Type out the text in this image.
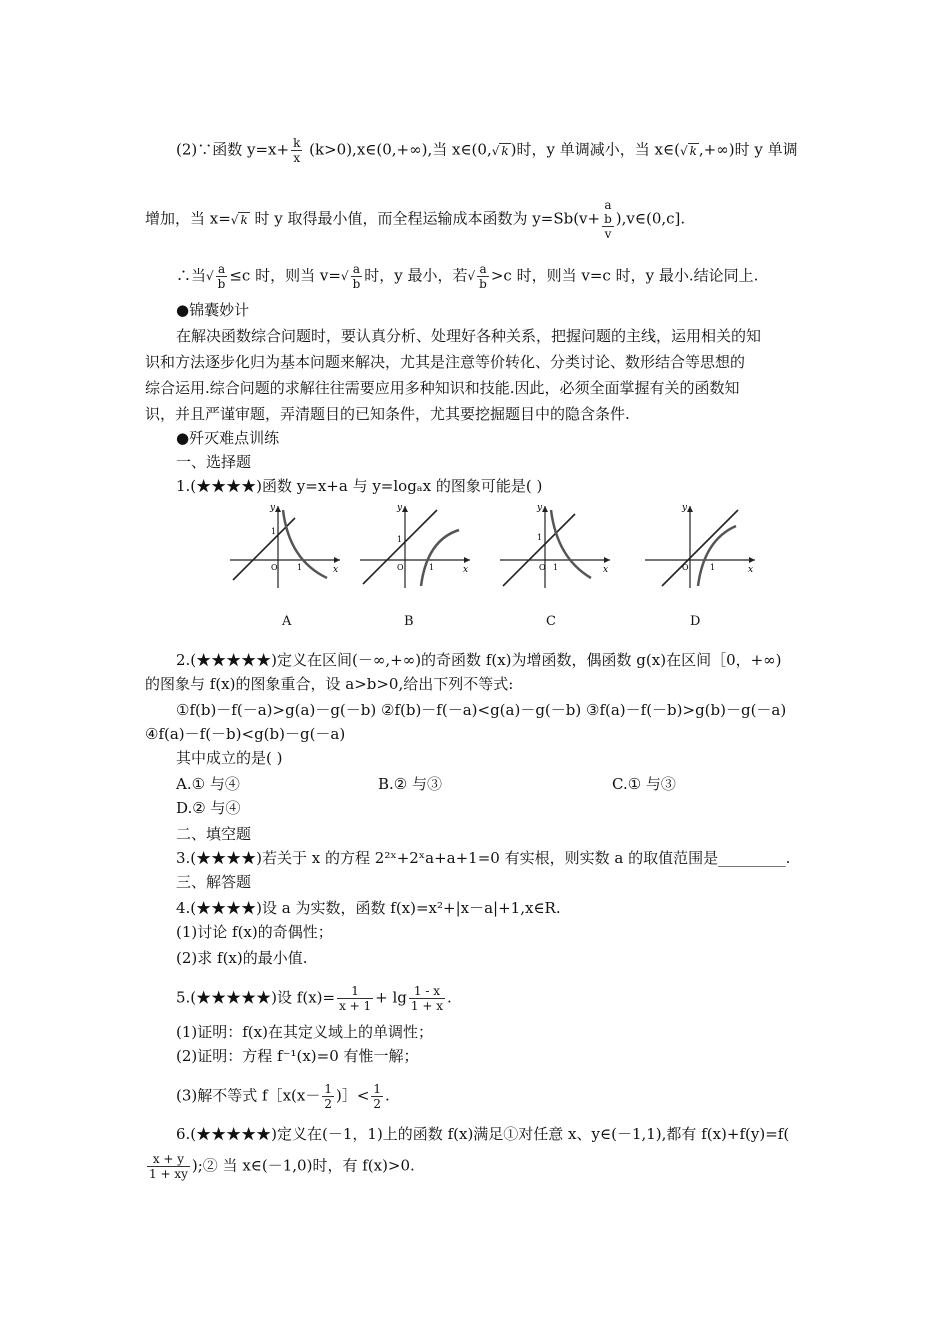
(2)∵函数 $y=x+ \frac{k}{x}$ (k>0),x∈(0,+∞),当 x∈(0,√ k )时，y 单调减小，当 x∈(√ k ,+∞)时 y 单调
增加，当 x=√ k 时 y 取得最小值，而全程运输成本函数为 y=Sb(v+
a
b
v
),v∈(0,c].
∴当√ $\frac{a}{b} \le c$ 时，则当 $v=√ \frac{a}{b}$ 时，y 最小，若√ $\frac{a}{b} >c$ 时，则当 v=c 时，y 最小.结论同上.
●锦囊妙计
在解决函数综合问题时，要认真分析、处理好各种关系，把握问题的主线，运用相关的知
识和方法逐步化归为基本问题来解决，尤其是注意等价转化、分类讨论、数形结合等思想的
综合运用.综合问题的求解往往需要应用多种知识和技能.因此，必须全面掌握有关的函数知
识，并且严谨审题，弄清题目的已知条件，尤其要挖掘题目中的隐含条件.
●歼灭难点训练
一、选择题
1.(★★★★)函数 y=x+a 与 y=logₐx 的图象可能是( )
y
x
O 1
1
y
x
O	1
1
y
x
O 1
1
y
x
O	1
A	B	C	D
2.(★★★★★)定义在区间(－∞,+∞)的奇函数 f(x)为增函数，偶函数 g(x)在区间［0，+∞)
的图象与 f(x)的图象重合，设 a>b>0,给出下列不等式:
①f(b)－f(－a)>g(a)－g(－b) ②f(b)－f(－a)<g(a)－g(－b) ③f(a)－f(－b)>g(b)－g(－a)
④f(a)－f(－b)<g(b)－g(－a)
其中成立的是( )
A.① 与④	B.② 与③	C.① 与③
D.② 与④
二、填空题
3.(★★★★)若关于 x 的方程 2²ˣ+2ˣa+a+1=0 有实根，则实数 a 的取值范围是_________.
三、解答题
4.(★★★★)设 a 为实数，函数 f(x)=x²+|x－a|+1,x∈R.
(1)讨论 f(x)的奇偶性；
(2)求 f(x)的最小值.
5.(★★★★★)设 $f(x)= \frac{1}{x + 1} + \lg \frac{1 - x}{1 + x}$ .
(1)证明：f(x)在其定义域上的单调性；
(2)证明：方程 f⁻¹(x)=0 有惟一解；
(3)解不等式 f［x(x－ $\frac{1}{2}$ )］< $\frac{1}{2}$ .
6.(★★★★★)定义在(－1，1)上的函数 f(x)满足①对任意 x、y∈(－1,1),都有 f(x)+f(y)=f(
$\frac{x + y}{1 + xy}$ );② 当 x∈(－1,0)时，有 f(x)>0.
